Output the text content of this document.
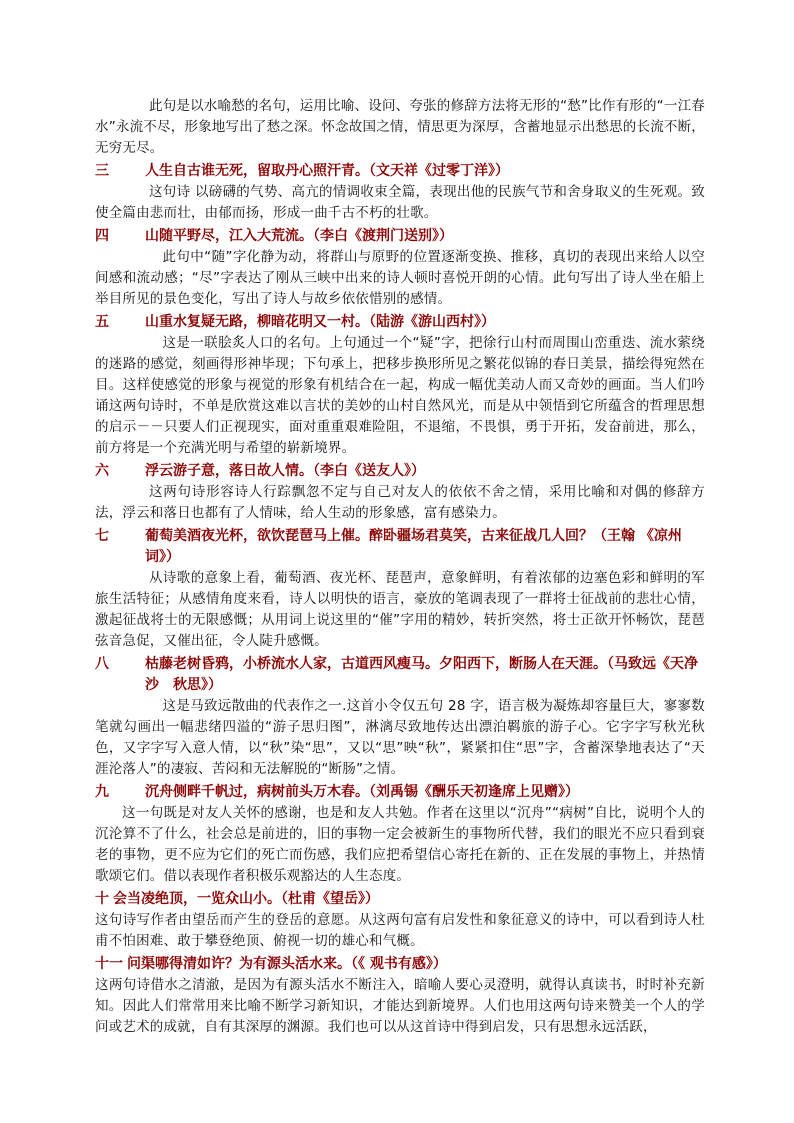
此句是以水喻愁的名句，运用比喻、设问、夸张的修辞方法将无形的“愁”比作有形的“一江春水”永流不尽，形象地写出了愁之深。怀念故国之情，情思更为深厚，含蓄地显示出愁思的长流不断，无穷无尽。

三	人生自古谁无死，留取丹心照汗青。（文天祥《过零丁洋》）

这句诗 以磅礴的气势、高亢的情调收束全篇，表现出他的民族气节和舍身取义的生死观。致使全篇由悲而壮，由郁而扬，形成一曲千古不朽的壮歌。

四	山随平野尽，江入大荒流。（李白《渡荆门送别》）

此句中“随”字化静为动，将群山与原野的位置逐渐变换、推移，真切的表现出来给人以空间感和流动感；“尽”字表达了刚从三峡中出来的诗人顿时喜悦开朗的心情。此句写出了诗人坐在船上举目所见的景色变化，写出了诗人与故乡依依惜别的感情。

五	山重水复疑无路，柳暗花明又一村。（陆游《游山西村》）

这是一联脍炙人口的名句。上句通过一个“疑”字，把徐行山村而周围山峦重迭、流水萦绕的迷路的感觉，刻画得形神毕现；下句承上，把移步换形所见之繁花似锦的春日美景，描绘得宛然在目。这样使感觉的形象与视觉的形象有机结合在一起，构成一幅优美动人而又奇妙的画面。当人们吟诵这两句诗时，不单是欣赏这难以言状的美妙的山村自然风光，而是从中领悟到它所蕴含的哲理思想的启示－－只要人们正视现实，面对重重艰难险阻，不退缩，不畏惧，勇于开拓，发奋前进，那么，前方将是一个充满光明与希望的崭新境界。

六	浮云游子意，落日故人情。（李白《送友人》）

这两句诗形容诗人行踪飘忽不定与自己对友人的依依不舍之情，采用比喻和对偶的修辞方法，浮云和落日也都有了人情味，给人生动的形象感，富有感染力。

七	葡萄美酒夜光杯，欲饮琵琶马上催。醉卧疆场君莫笑，古来征战几人回？（王翰 《凉州词》）

从诗歌的意象上看，葡萄酒、夜光杯、琵琶声，意象鲜明，有着浓郁的边塞色彩和鲜明的军旅生活特征；从感情角度来看，诗人以明快的语言，豪放的笔调表现了一群将士征战前的悲壮心情，激起征战将士的无限感慨；从用词上说这里的“催”字用的精妙，转折突然，将士正欲开怀畅饮，琵琶弦音急促，又催出征，令人陡升感慨。

八	枯藤老树昏鸦，小桥流水人家，古道西风瘦马。夕阳西下，断肠人在天涯。（马致远《天净沙　秋思》）

这是马致远散曲的代表作之一.这首小令仅五句 28 字，语言极为凝炼却容量巨大，寥寥数笔就勾画出一幅悲绪四溢的“游子思归图”，淋漓尽致地传达出漂泊羁旅的游子心。它字字写秋光秋色，又字字写入意人情，以“秋”染“思”，又以“思”映“秋”，紧紧扣住“思”字，含蓄深挚地表达了“天涯沦落人”的凄寂、苦闷和无法解脱的“断肠”之情。

九	沉舟侧畔千帆过，病树前头万木春。（刘禹锡《酬乐天初逢席上见赠》）

这一句既是对友人关怀的感谢，也是和友人共勉。作者在这里以“沉舟”“病树”自比，说明个人的沉沦算不了什么，社会总是前进的，旧的事物一定会被新生的事物所代替，我们的眼光不应只看到衰老的事物，更不应为它们的死亡而伤感，我们应把希望信心寄托在新的、正在发展的事物上，并热情歌颂它们。借以表现作者积极乐观豁达的人生态度。

十 会当凌绝顶，一览众山小。（杜甫《望岳》）

这句诗写作者由望岳而产生的登岳的意愿。从这两句富有启发性和象征意义的诗中，可以看到诗人杜甫不怕困难、敢于攀登绝顶、俯视一切的雄心和气概。

十一 问渠哪得清如许？为有源头活水来。（《 观书有感》）

这两句诗借水之清澈，是因为有源头活水不断注入，暗喻人要心灵澄明，就得认真读书，时时补充新知。因此人们常常用来比喻不断学习新知识，才能达到新境界。人们也用这两句诗来赞美一个人的学问或艺术的成就，自有其深厚的渊源。我们也可以从这首诗中得到启发，只有思想永远活跃，
